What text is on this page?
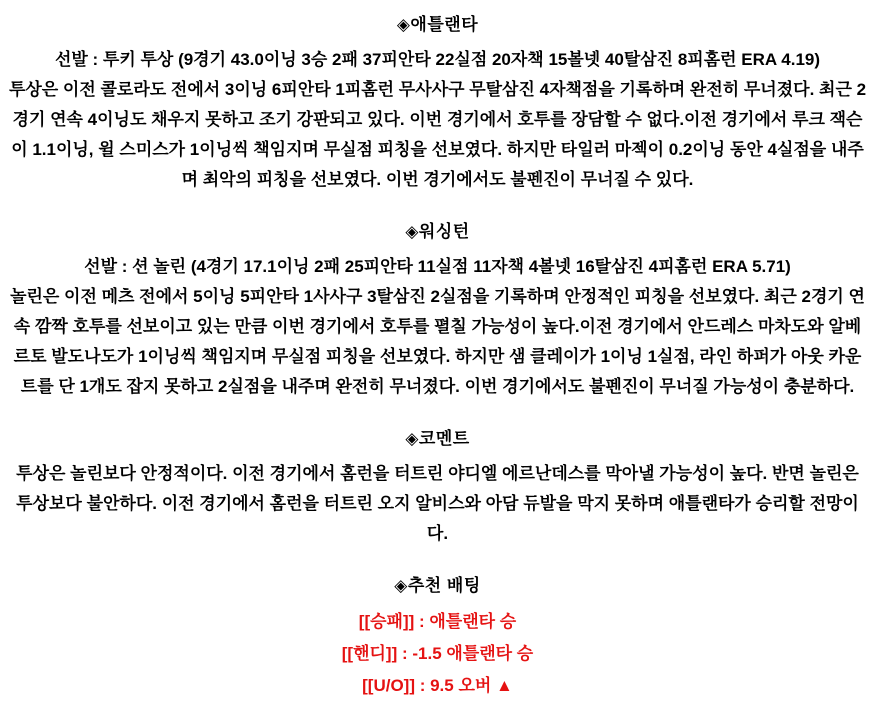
◈애틀랜타
선발 : 투키 투상 (9경기 43.0이닝 3승 2패 37피안타 22실점 20자책 15볼넷 40탈삼진 8피홈런 ERA 4.19)
투상은 이전 콜로라도 전에서 3이닝 6피안타 1피홈런 무사사구 무탈삼진 4자책점을 기록하며 완전히 무너졌다. 최근 2경기 연속 4이닝도 채우지 못하고 조기 강판되고 있다. 이번 경기에서 호투를 장담할 수 없다.이전 경기에서 루크 잭슨이 1.1이닝, 윌 스미스가 1이닝씩 책임지며 무실점 피칭을 선보였다. 하지만 타일러 마젝이 0.2이닝 동안 4실점을 내주며 최악의 피칭을 선보였다. 이번 경기에서도 불펜진이 무너질 수 있다.
◈워싱턴
선발 : 션 놀린 (4경기 17.1이닝 2패 25피안타 11실점 11자책 4볼넷 16탈삼진 4피홈런 ERA 5.71)
놀린은 이전 메츠 전에서 5이닝 5피안타 1사사구 3탈삼진 2실점을 기록하며 안정적인 피칭을 선보였다. 최근 2경기 연속 깜짝 호투를 선보이고 있는 만큼 이번 경기에서 호투를 펼칠 가능성이 높다.이전 경기에서 안드레스 마차도와 알베르토 발도나도가 1이닝씩 책임지며 무실점 피칭을 선보였다. 하지만 샘 클레이가 1이닝 1실점, 라인 하퍼가 아웃 카운트를 단 1개도 잡지 못하고 2실점을 내주며 완전히 무너졌다. 이번 경기에서도 불펜진이 무너질 가능성이 충분하다.
◈코멘트
투상은 놀린보다 안정적이다. 이전 경기에서 홈런을 터트린 야디엘 에르난데스를 막아낼 가능성이 높다. 반면 놀린은 투상보다 불안하다. 이전 경기에서 홈런을 터트린 오지 알비스와 아담 듀발을 막지 못하며 애틀랜타가 승리할 전망이다.
◈추천 배팅
[[승패]] : 애틀랜타 승
[[핸디]] : -1.5 애틀랜타 승
[[U/O]] : 9.5 오버 ▲
